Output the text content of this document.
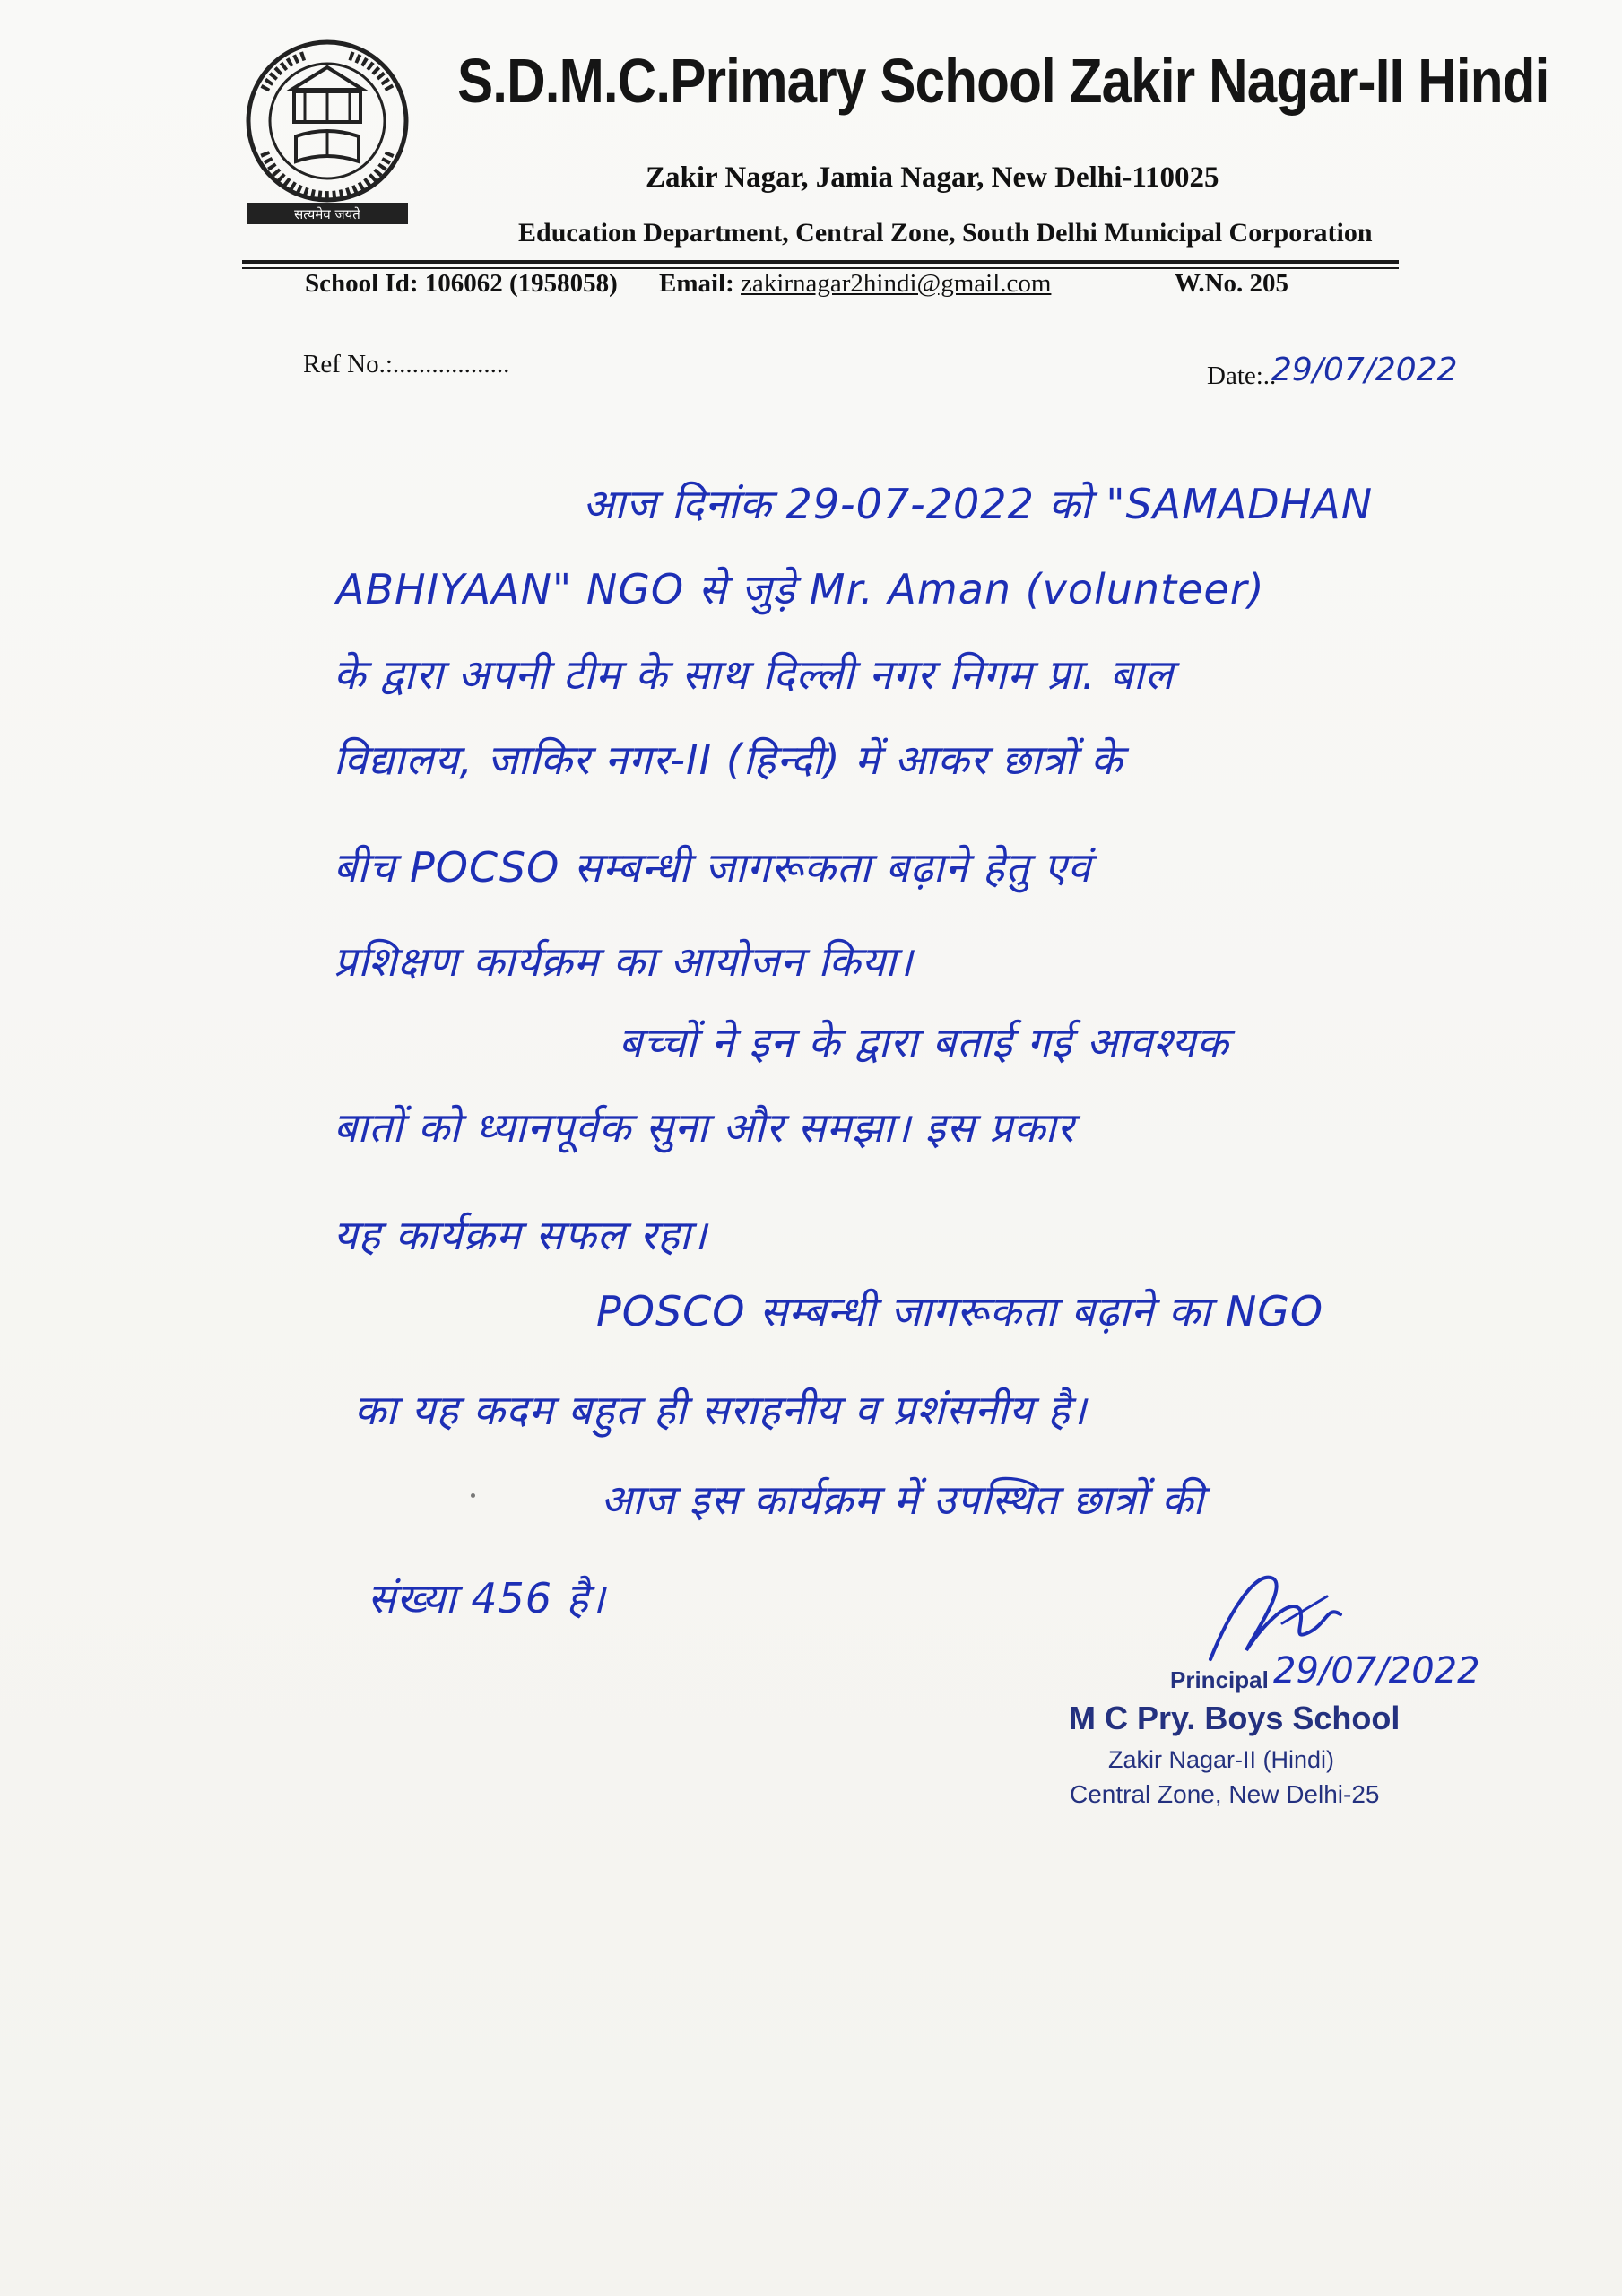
सत्यमेव जयते
S.D.M.C.Primary School Zakir Nagar-II Hindi
Zakir Nagar, Jamia Nagar, New Delhi-110025
Education Department, Central Zone, South Delhi Municipal Corporation
School Id: 106062 (1958058) Email: zakirnagar2hindi@gmail.com	W.No. 205
Ref No.:..................	Date:..
29/07/2022
आज दिनांक 29-07-2022 को "SAMADHAN
ABHIYAAN" NGO से जुड़े Mr. Aman (volunteer)
के द्वारा अपनी टीम के साथ दिल्ली नगर निगम प्रा. बाल
विद्यालय, जाकिर नगर-II (हिन्दी) में आकर छात्रों के
बीच POCSO सम्बन्धी जागरूकता बढ़ाने हेतु एवं
प्रशिक्षण कार्यक्रम का आयोजन किया।
बच्चों ने इन के द्वारा बताई गई आवश्यक
बातों को ध्यानपूर्वक सुना और समझा। इस प्रकार
यह कार्यक्रम सफल रहा।
POSCO सम्बन्धी जागरूकता बढ़ाने का NGO
का यह कदम बहुत ही सराहनीय व प्रशंसनीय है।
आज इस कार्यक्रम में उपस्थित छात्रों की
संख्या 456 है।
29/07/2022
Principal
M C Pry. Boys School
Zakir Nagar-II (Hindi)
Central Zone, New Delhi-25
